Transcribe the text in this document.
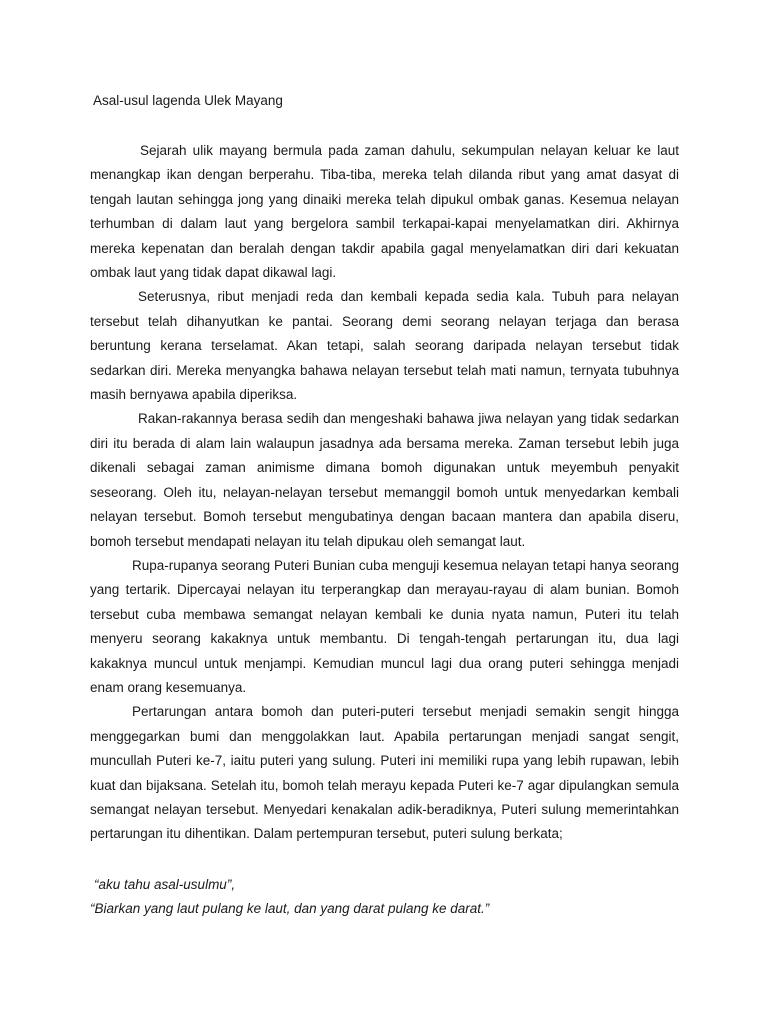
Asal-usul lagenda Ulek Mayang

Sejarah ulik mayang bermula pada zaman dahulu, sekumpulan nelayan keluar ke laut menangkap ikan dengan berperahu. Tiba-tiba, mereka telah dilanda ribut yang amat dasyat di tengah lautan sehingga jong yang dinaiki mereka telah dipukul ombak ganas. Kesemua nelayan terhumban di dalam laut yang bergelora sambil terkapai-kapai menyelamatkan diri. Akhirnya mereka kepenatan dan beralah dengan takdir apabila gagal menyelamatkan diri dari kekuatan ombak laut yang tidak dapat dikawal lagi.

Seterusnya, ribut menjadi reda dan kembali kepada sedia kala. Tubuh para nelayan tersebut telah dihanyutkan ke pantai. Seorang demi seorang nelayan terjaga dan berasa beruntung kerana terselamat. Akan tetapi, salah seorang daripada nelayan tersebut tidak sedarkan diri. Mereka menyangka bahawa nelayan tersebut telah mati namun, ternyata tubuhnya masih bernyawa apabila diperiksa.

Rakan-rakannya berasa sedih dan mengeshaki bahawa jiwa nelayan yang tidak sedarkan diri itu berada di alam lain walaupun jasadnya ada bersama mereka. Zaman tersebut lebih juga dikenali sebagai zaman animisme dimana bomoh digunakan untuk meyembuh penyakit seseorang. Oleh itu, nelayan-nelayan tersebut memanggil bomoh untuk menyedarkan kembali nelayan tersebut. Bomoh tersebut mengubatinya dengan bacaan mantera dan apabila diseru, bomoh tersebut mendapati nelayan itu telah dipukau oleh semangat laut.

Rupa-rupanya seorang Puteri Bunian cuba menguji kesemua nelayan tetapi hanya seorang yang tertarik. Dipercayai nelayan itu terperangkap dan merayau-rayau di alam bunian. Bomoh tersebut cuba membawa semangat nelayan kembali ke dunia nyata namun, Puteri itu telah menyeru seorang kakaknya untuk membantu. Di tengah-tengah pertarungan itu, dua lagi kakaknya muncul untuk menjampi. Kemudian muncul lagi dua orang puteri sehingga menjadi enam orang kesemuanya.

Pertarungan antara bomoh dan puteri-puteri tersebut menjadi semakin sengit hingga menggegarkan bumi dan menggolakkan laut. Apabila pertarungan menjadi sangat sengit, muncullah Puteri ke-7, iaitu puteri yang sulung. Puteri ini memiliki rupa yang lebih rupawan, lebih kuat dan bijaksana. Setelah itu, bomoh telah merayu kepada Puteri ke-7 agar dipulangkan semula semangat nelayan tersebut. Menyedari kenakalan adik-beradiknya, Puteri sulung memerintahkan pertarungan itu dihentikan. Dalam pertempuran tersebut, puteri sulung berkata;

“aku tahu asal-usulmu”,
“Biarkan yang laut pulang ke laut, dan yang darat pulang ke darat.”
